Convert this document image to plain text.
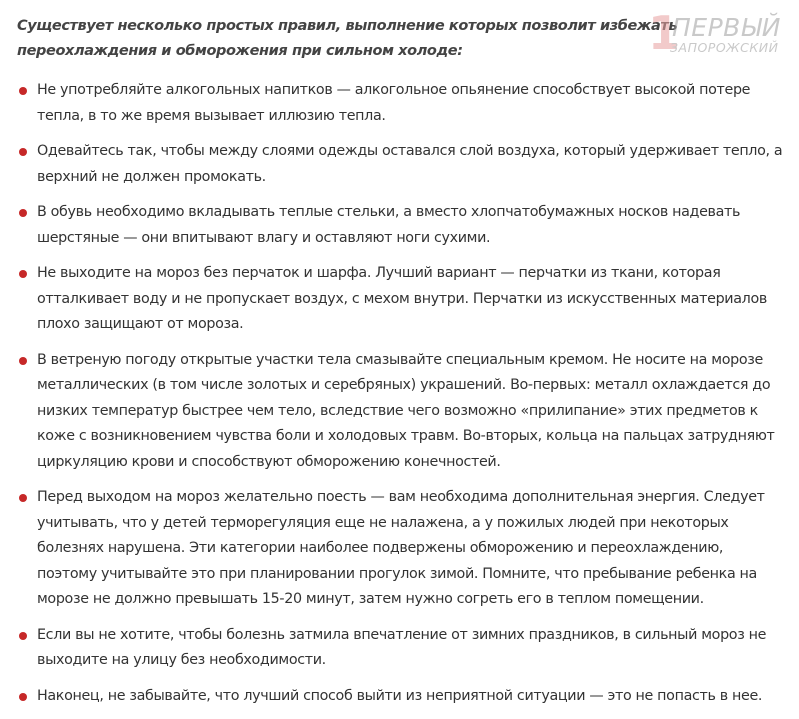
Существует несколько простых правил, выполнение которых позволит избежать переохлаждения и обморожения при сильном холоде:

Не употребляйте алкогольных напитков — алкогольное опьянение способствует высокой потере тепла, в то же время вызывает иллюзию тепла.
Одевайтесь так, чтобы между слоями одежды оставался слой воздуха, который удерживает тепло, а верхний не должен промокать.
В обувь необходимо вкладывать теплые стельки, а вместо хлопчатобумажных носков надевать шерстяные — они впитывают влагу и оставляют ноги сухими.
Не выходите на мороз без перчаток и шарфа. Лучший вариант — перчатки из ткани, которая отталкивает воду и не пропускает воздух, с мехом внутри. Перчатки из искусственных материалов плохо защищают от мороза.
В ветреную погоду открытые участки тела смазывайте специальным кремом. Не носите на морозе металлических (в том числе золотых и серебряных) украшений. Во-первых: металл охлаждается до низких температур быстрее чем тело, вследствие чего возможно «прилипание» этих предметов к коже с возникновением чувства боли и холодовых травм. Во-вторых, кольца на пальцах затрудняют циркуляцию крови и способствуют обморожению конечностей.
Перед выходом на мороз желательно поесть — вам необходима дополнительная энергия. Следует учитывать, что у детей терморегуляция еще не налажена, а у пожилых людей при некоторых болезнях нарушена. Эти категории наиболее подвержены обморожению и переохлаждению, поэтому учитывайте это при планировании прогулок зимой. Помните, что пребывание ребенка на морозе не должно превышать 15-20 минут, затем нужно согреть его в теплом помещении.
Если вы не хотите, чтобы болезнь затмила впечатление от зимних праздников, в сильный мороз не выходите на улицу без необходимости.
Наконец, не забывайте, что лучший способ выйти из неприятной ситуации — это не попасть в нее.
1
ПЕРВЫЙ
ЗАПОРОЖСКИЙ
